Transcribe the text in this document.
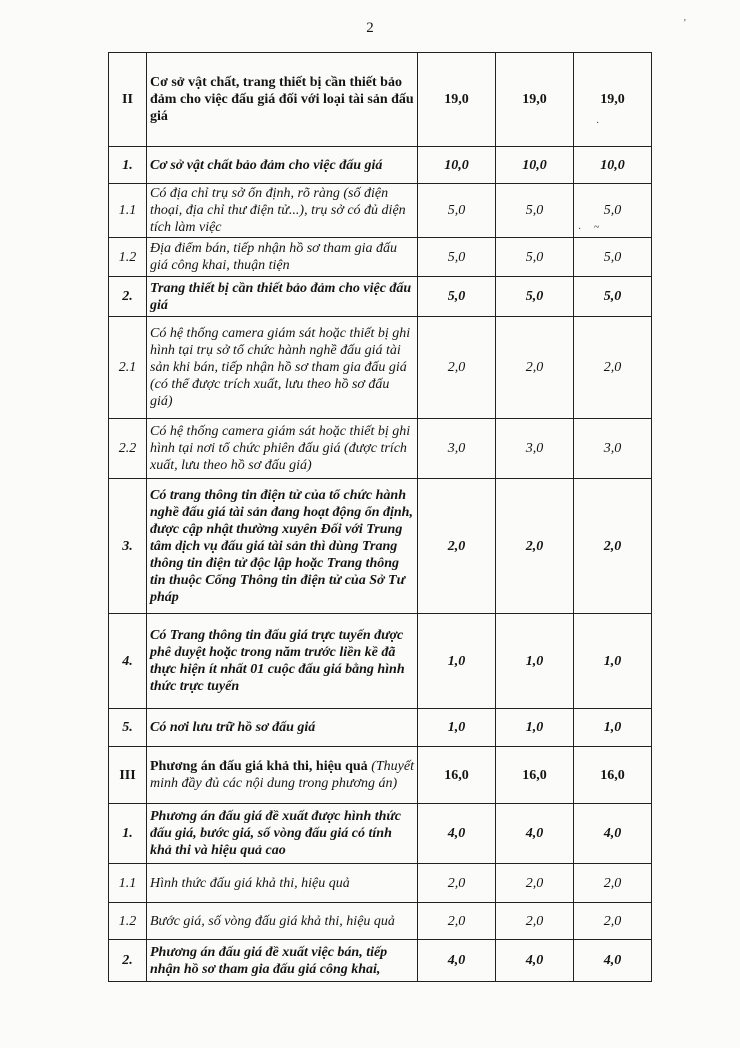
2
II	Cơ sở vật chất, trang thiết bị cần thiết bảo đảm cho việc đấu giá đối với loại tài sản đấu giá	19,0	19,0	19,0
1.	Cơ sở vật chất bảo đảm cho việc đấu giá	10,0	10,0	10,0
1.1	Có địa chỉ trụ sở ổn định, rõ ràng (số điện thoại, địa chỉ thư điện tử...), trụ sở có đủ diện tích làm việc	5,0	5,0	5,0
1.2	Địa điểm bán, tiếp nhận hồ sơ tham gia đấu giá công khai, thuận tiện	5,0	5,0	5,0
2.	Trang thiết bị cần thiết bảo đảm cho việc đấu giá	5,0	5,0	5,0
2.1	Có hệ thống camera giám sát hoặc thiết bị ghi hình tại trụ sở tổ chức hành nghề đấu giá tài sản khi bán, tiếp nhận hồ sơ tham gia đấu giá (có thể được trích xuất, lưu theo hồ sơ đấu giá)	2,0	2,0	2,0
2.2	Có hệ thống camera giám sát hoặc thiết bị ghi hình tại nơi tổ chức phiên đấu giá (được trích xuất, lưu theo hồ sơ đấu giá)	3,0	3,0	3,0
3.	Có trang thông tin điện tử của tổ chức hành nghề đấu giá tài sản đang hoạt động ổn định, được cập nhật thường xuyên Đối với Trung tâm dịch vụ đấu giá tài sản thì dùng Trang thông tin điện tử độc lập hoặc Trang thông tin thuộc Cổng Thông tin điện tử của Sở Tư pháp	2,0	2,0	2,0
4.	Có Trang thông tin đấu giá trực tuyến được phê duyệt hoặc trong năm trước liền kề đã thực hiện ít nhất 01 cuộc đấu giá bằng hình thức trực tuyến	1,0	1,0	1,0
5.	Có nơi lưu trữ hồ sơ đấu giá	1,0	1,0	1,0
III	Phương án đấu giá khả thi, hiệu quả (Thuyết minh đầy đủ các nội dung trong phương án)	16,0	16,0	16,0
1.	Phương án đấu giá đề xuất được hình thức đấu giá, bước giá, số vòng đấu giá có tính khả thi và hiệu quả cao	4,0	4,0	4,0
1.1	Hình thức đấu giá khả thi, hiệu quả	2,0	2,0	2,0
1.2	Bước giá, số vòng đấu giá khả thi, hiệu quả	2,0	2,0	2,0
2.	Phương án đấu giá đề xuất việc bán, tiếp nhận hồ sơ tham gia đấu giá công khai,	4,0	4,0	4,0
·
· ~
'
